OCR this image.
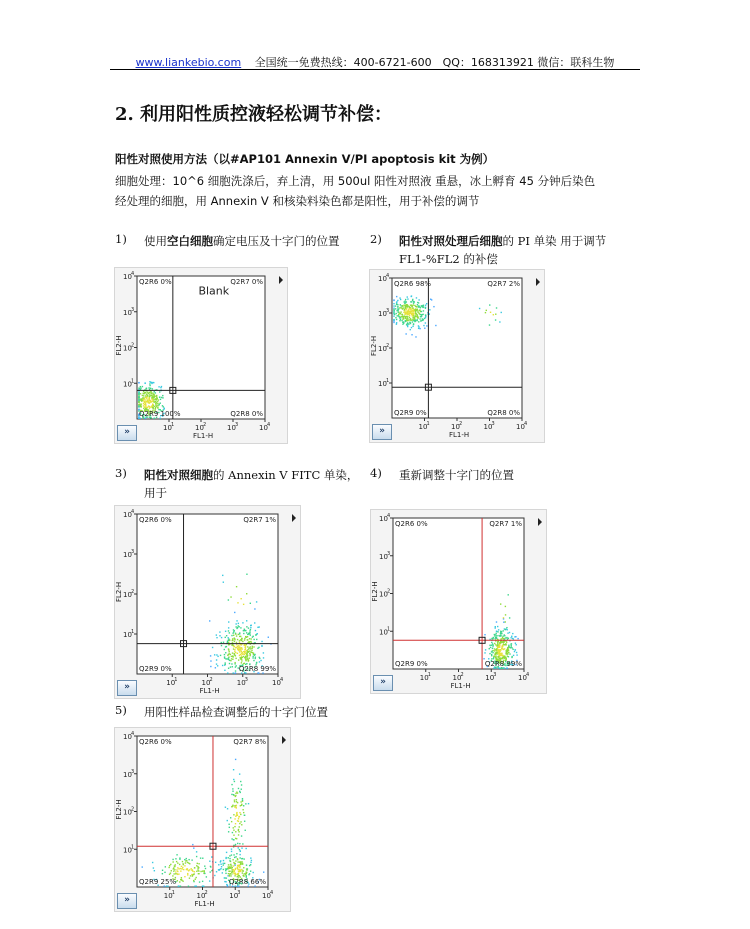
www.liankebio.com 全国统一免费热线：400-6721-600　QQ：168313921 微信：联科生物
2. 利用阳性质控液轻松调节补偿：
阳性对照使用方法（以#AP101 Annexin V/PI apoptosis kit 为例）
细胞处理：10^6 细胞洗涤后，弃上清，用 500ul 阳性对照液 重悬，冰上孵育 45 分钟后染色
经处理的细胞，用 Annexin V 和核染料染色都是阳性，用于补偿的调节
1) 使用空白细胞确定电压及十字门的位置	2) 阳性对照处理后细胞的 PI 单染 用于调节
FL1-%FL2 的补偿
3) 阳性对照细胞的 Annexin V FITC 单染，用于

4) 重新调整十字门的位置
5) 用阳性样品检查调整后的十字门位置
10 1
10 1
10 2
10 2
10 3
10 3
10 4
10 4
FL1-H
FL2-H
Q2R6 0%	Q2R7 0%
Q2R9 100%	Q2R8 0%
Blank
»	10 1
10 1
10 2
10 2
10 3
10 3
10 4
10 4
FL1-H
FL2-H
Q2R6 98%	Q2R7 2%
Q2R9 0%	Q2R8 0%
»
10 1
10 1
10 2
10 2
10 3
10 3
10 4
10 4
FL1-H
FL2-H
Q2R6 0%	Q2R7 1%
Q2R9 0%	Q2R8 99%
»
10 1
10 1
10 2
10 2
10 3
10 3
10 4
10 4
FL1-H
FL2-H
Q2R6 0%	Q2R7 1%
Q2R9 0%	Q2R8 99%
»
10 1
10 1
10 2
10 2
10 3
10 3
10 4
10 4
FL1-H
FL2-H
Q2R6 0%	Q2R7 8%
Q2R9 25%	Q2R8 66%
»
